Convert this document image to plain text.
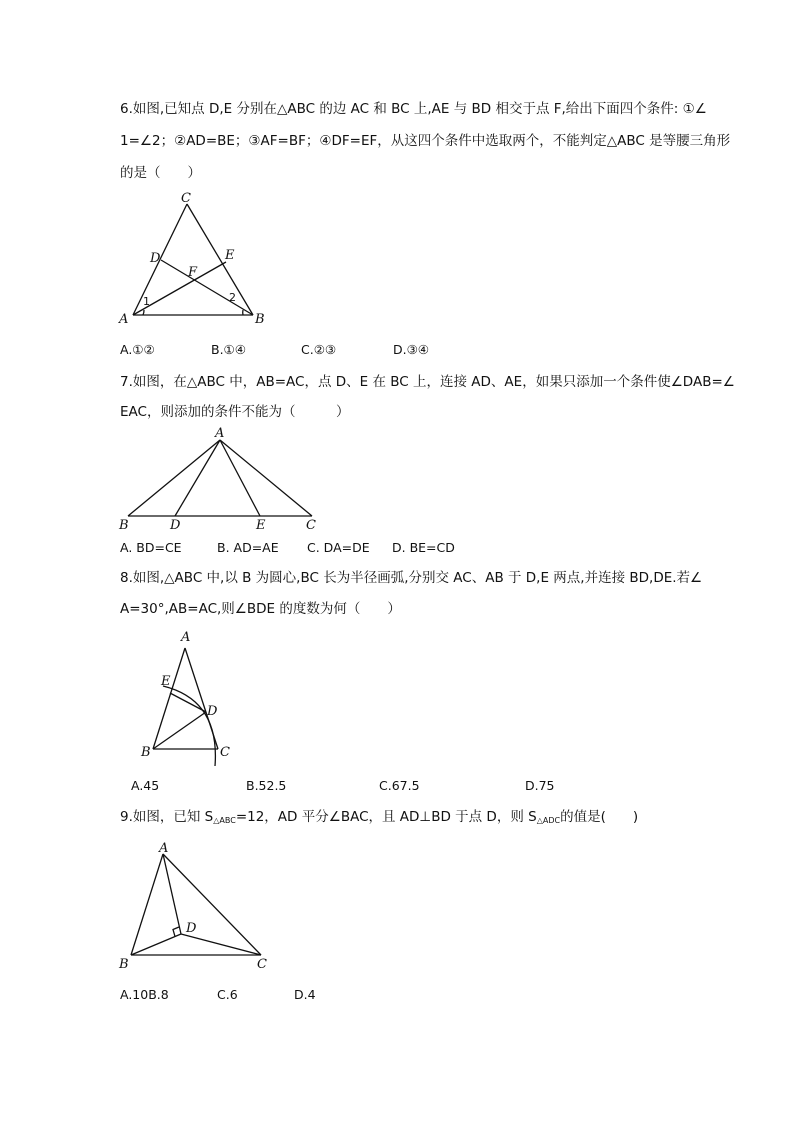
6.如图,已知点 D,E 分别在△ABC 的边 AC 和 BC 上,AE 与 BD 相交于点 F,给出下面四个条件: ①∠
1=∠2；②AD=BE；③AF=BF；④DF=EF，从这四个条件中选取两个，不能判定△ABC 是等腰三角形
的是（　　）
C
D	E
F
A	B
1	2
A.①②	B.①④	C.②③	D.③④
7.如图，在△ABC 中，AB=AC，点 D、E 在 BC 上，连接 AD、AE，如果只添加一个条件使∠DAB=∠
EAC，则添加的条件不能为（　　　）
A
B	D	E	C
A. BD=CE	B. AD=AE C. DA=DE D. BE=CD
8.如图,△ABC 中,以 B 为圆心,BC 长为半径画弧,分别交 AC、AB 于 D,E 两点,并连接 BD,DE.若∠
A=30°,AB=AC,则∠BDE 的度数为何（　　）
A
E
D
B	C
A.45	B.52.5	C.67.5	D.75
9.如图，已知 $S_{\triangle ABC}=12$，AD 平分∠BAC，且 AD⊥BD 于点 D，则 $S_{\triangle ADC}$的值是(　　)
A
D
B	C
A.10B.8	C.6	D.4
